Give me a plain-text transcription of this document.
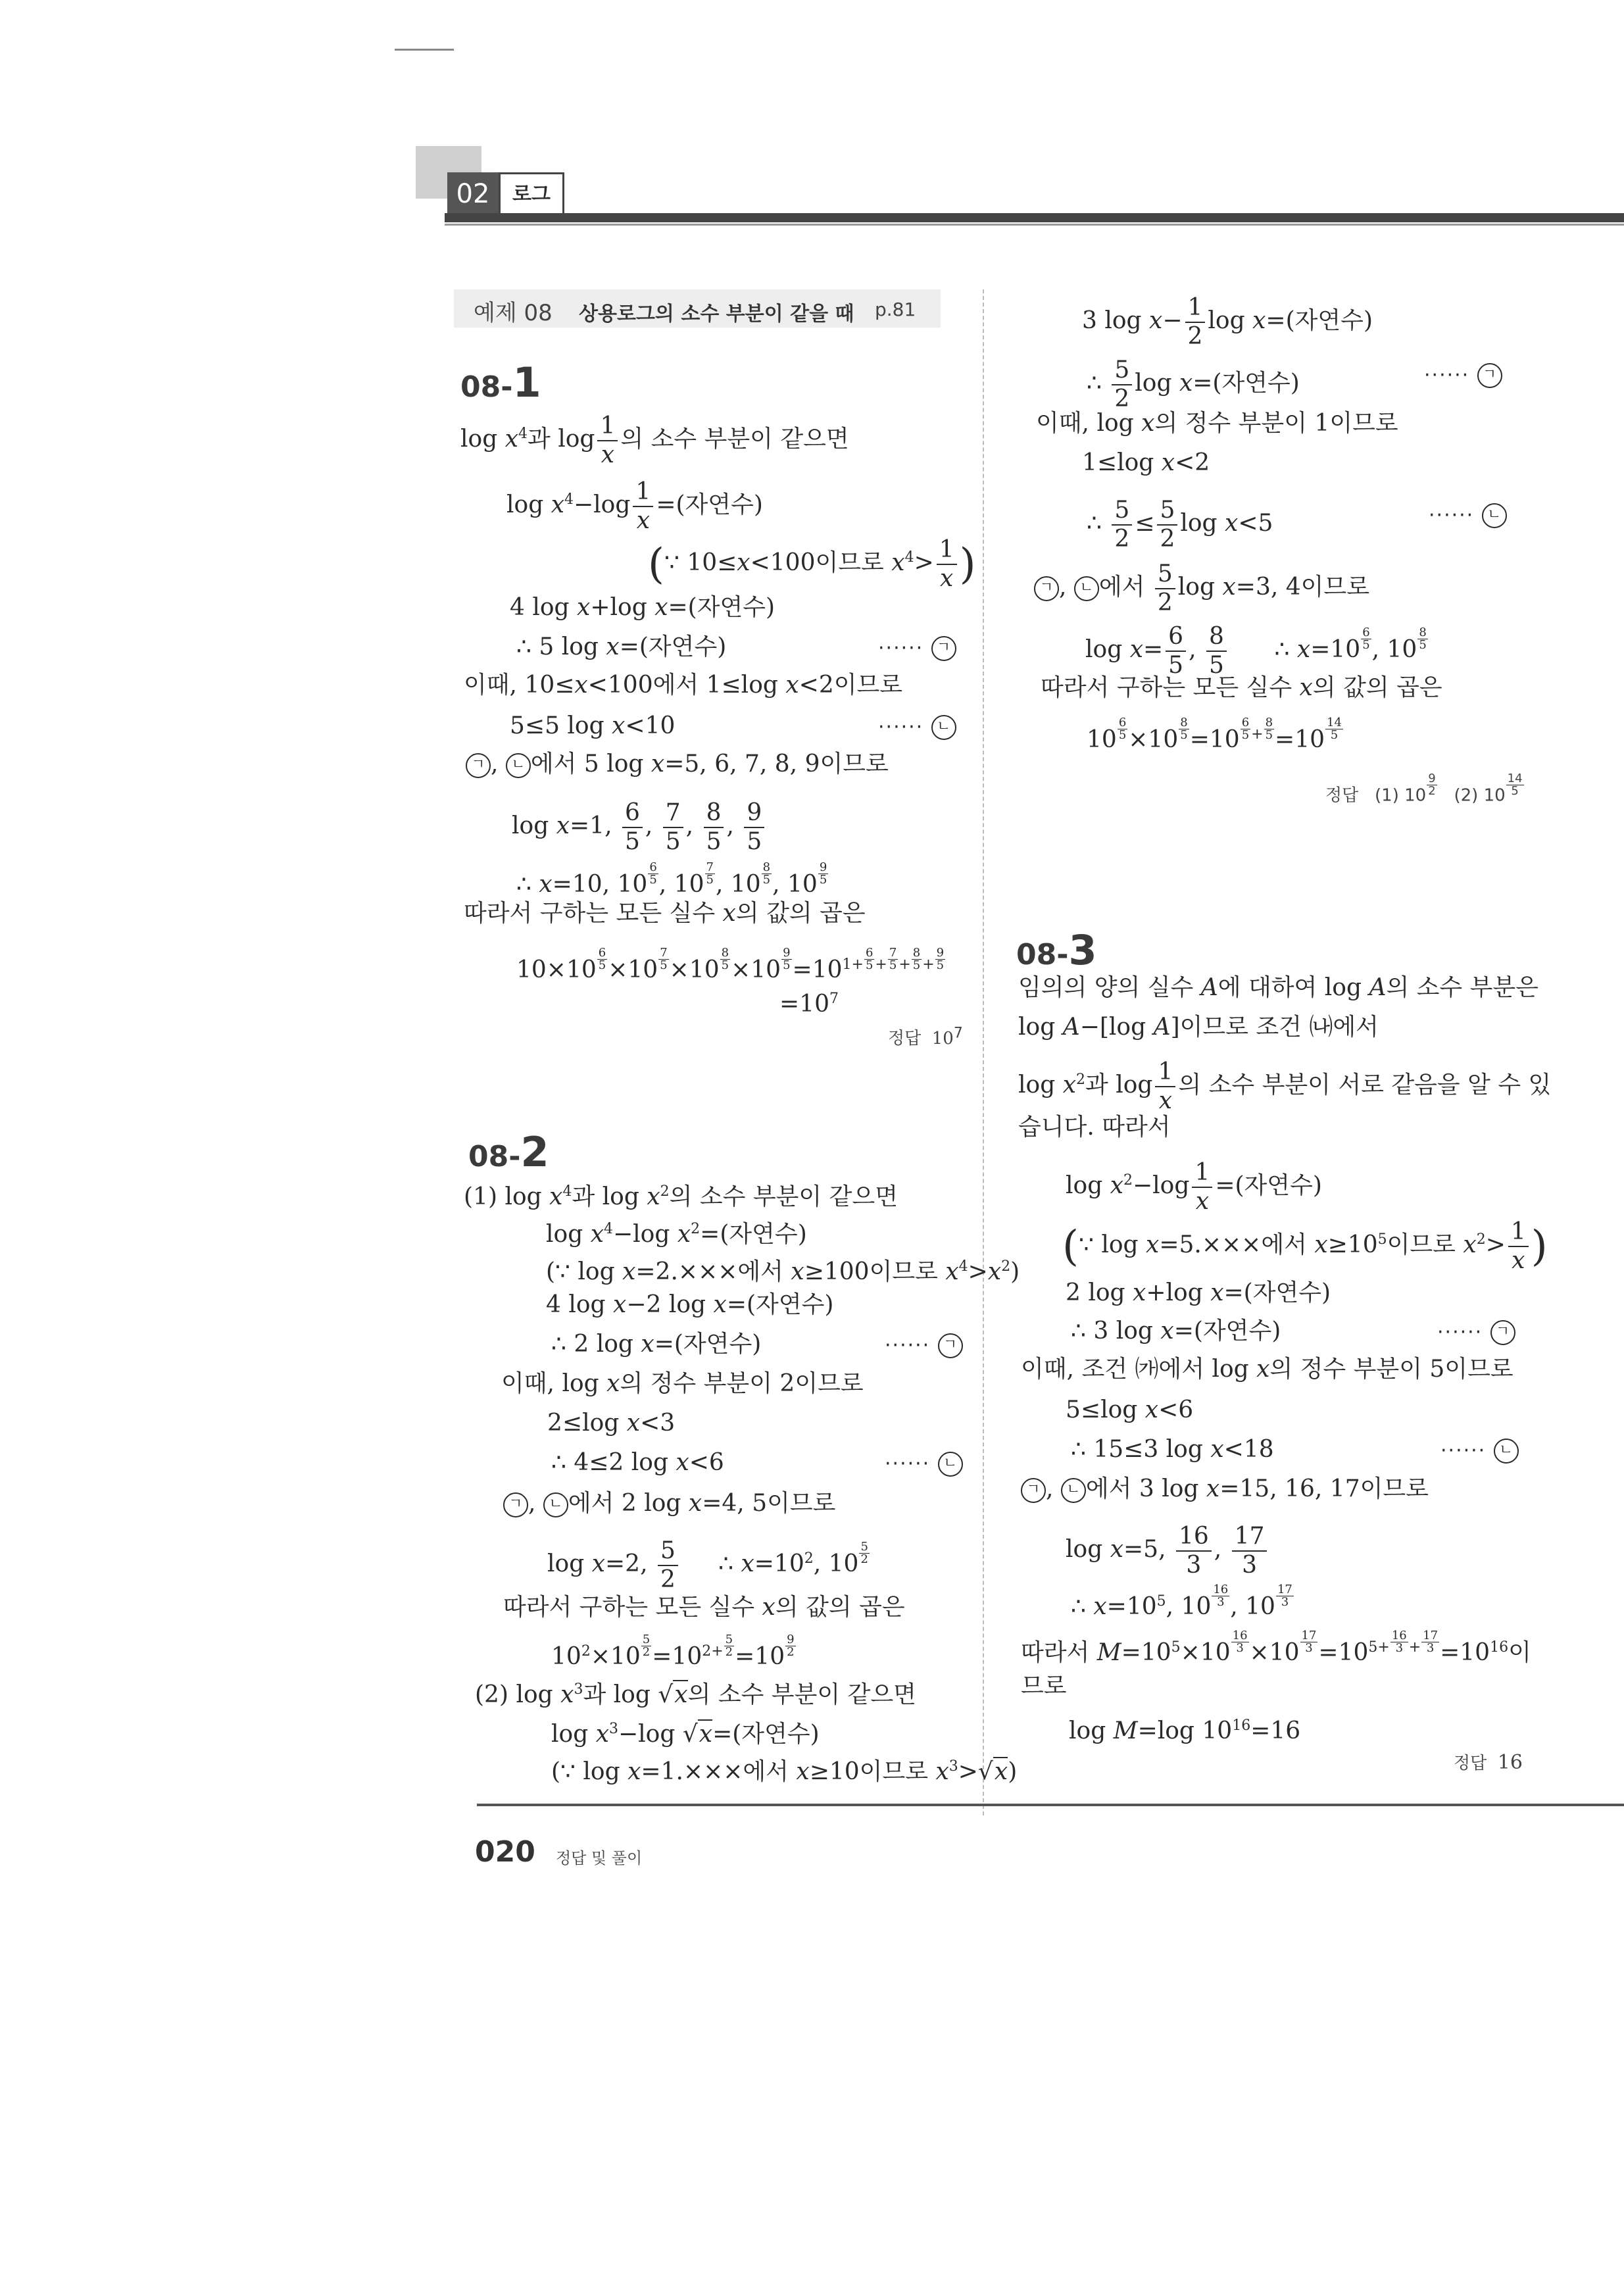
02	로그
예제 08 상용로그의 소수 부분이 같을 때 p.81
08-1
$\log x^4$과 $\log \frac{1}{x}$ 의 소수 부분이 같으면
$\log x^4-\log \frac{1}{x}$ =(자연수)
(∵ 10≤x<100이므로 $x^4> \frac{1}{x}$ )
4 log x+log x=(자연수)
∴ 5 log x=(자연수)	······ ㄱ
이때, 10≤x<100에서 1≤log x<2이므로
5≤5 log x<10	······ ㄴ
ㄱ , ㄴ 에서 5 log x=5, 6, 7, 8, 9이므로
log x=1, $\frac{6}{5}$ , $\frac{7}{5}$ , $\frac{8}{5}$ , $\frac{9}{5}$
∴ x=10, $10 \frac{6}{5}$ , $10 \frac{7}{5}$ , $10 \frac{8}{5}$ , $10 \frac{9}{5}$
따라서 구하는 모든 실수 x의 값의 곱은
$10\times 10 \frac{6}{5} \times 10 \frac{7}{5} \times 10 \frac{8}{5} \times 10 \frac{9}{5} =10^{1+} \frac{6}{5} ^+ \frac{7}{5} ^+ \frac{8}{5} ^+ \frac{9}{5}$
$=10^7$
정답 $10^7$
08-2
(1) $\log x^4$과 $\log x^2$의 소수 부분이 같으면
$\log x^4-\log$ $x^2=$(자연수)
(∵ log x=2.×××에서 x≥100이므로 $x^4>x^2$)
4 log x−2 log x=(자연수)
∴ 2 log x=(자연수)	······ ㄱ
이때, log x의 정수 부분이 2이므로
2≤log x<3
∴ 4≤2 log x<6	······ ㄴ
ㄱ , ㄴ 에서 2 log x=4, 5이므로
log x=2, $\frac{5}{2}$ ∴ $x=10^2$, $10 \frac{5}{2}$
따라서 구하는 모든 실수 x의 값의 곱은
$10^2\times 10 \frac{5}{2} =10^{2+} \frac{5}{2} =10 \frac{9}{2}$
(2) $\log x^3$과 log √x의 소수 부분이 같으면
$\log x^3-\log$ √x=(자연수)
(∵ log x=1.×××에서 x≥10이므로 $x^3>√x$)
3 $\log x- \frac{1}{2}$ log x=(자연수)
∴ $\frac{5}{2}$ log x=(자연수)	······ ㄱ
이때, log x의 정수 부분이 1이므로
1≤log x<2
∴ $\frac{5}{2} \le \frac{5}{2}$ log x<5	······ ㄴ
ㄱ , ㄴ 에서 $\frac{5}{2}$ log x=3, 4이므로
$\log x= \frac{6}{5}$ , $\frac{8}{5}$ ∴ $x=10 \frac{6}{5}$ , $10 \frac{8}{5}$
따라서 구하는 모든 실수 x의 값의 곱은
$10 \frac{6}{5} \times 10 \frac{8}{5} =10 \frac{6}{5} ^+ \frac{8}{5} =10 \frac{14}{5}$
정답 (1) $10 \frac{9}{2} (2)$ $10 \frac{14}{5}$
08-3
임의의 양의 실수 A에 대하여 log A의 소수 부분은
log A−[log A]이므로 조건 ㈏에서
$\log x^2$과 $\log \frac{1}{x}$ 의 소수 부분이 서로 같음을 알 수 있
습니다. 따라서
$\log x^2-\log \frac{1}{x}$ =(자연수)
(∵ log x=5.×××에서 $x\ge 10^5$이므로 $x^2> \frac{1}{x}$ )
2 log x+log x=(자연수)
∴ 3 log x=(자연수)	······ ㄱ
이때, 조건 ㈎에서 log x의 정수 부분이 5이므로
5≤log x<6
∴ 15≤3 log x<18	······ ㄴ
ㄱ , ㄴ 에서 3 log x=15, 16, 17이므로
log x=5, $\frac{16}{3}$ , $\frac{17}{3}$
∴ $x=10^5$, $10 \frac{16}{3}$ , $10 \frac{17}{3}$
따라서 $M=10^5\times 10 \frac{16}{3} \times 10 \frac{17}{3} =10^{5+} \frac{16}{3} ^+ \frac{17}{3} =10^{16}$이
므로
log M=log $10^{16}=16$
정답 16
020 정답 및 풀이
